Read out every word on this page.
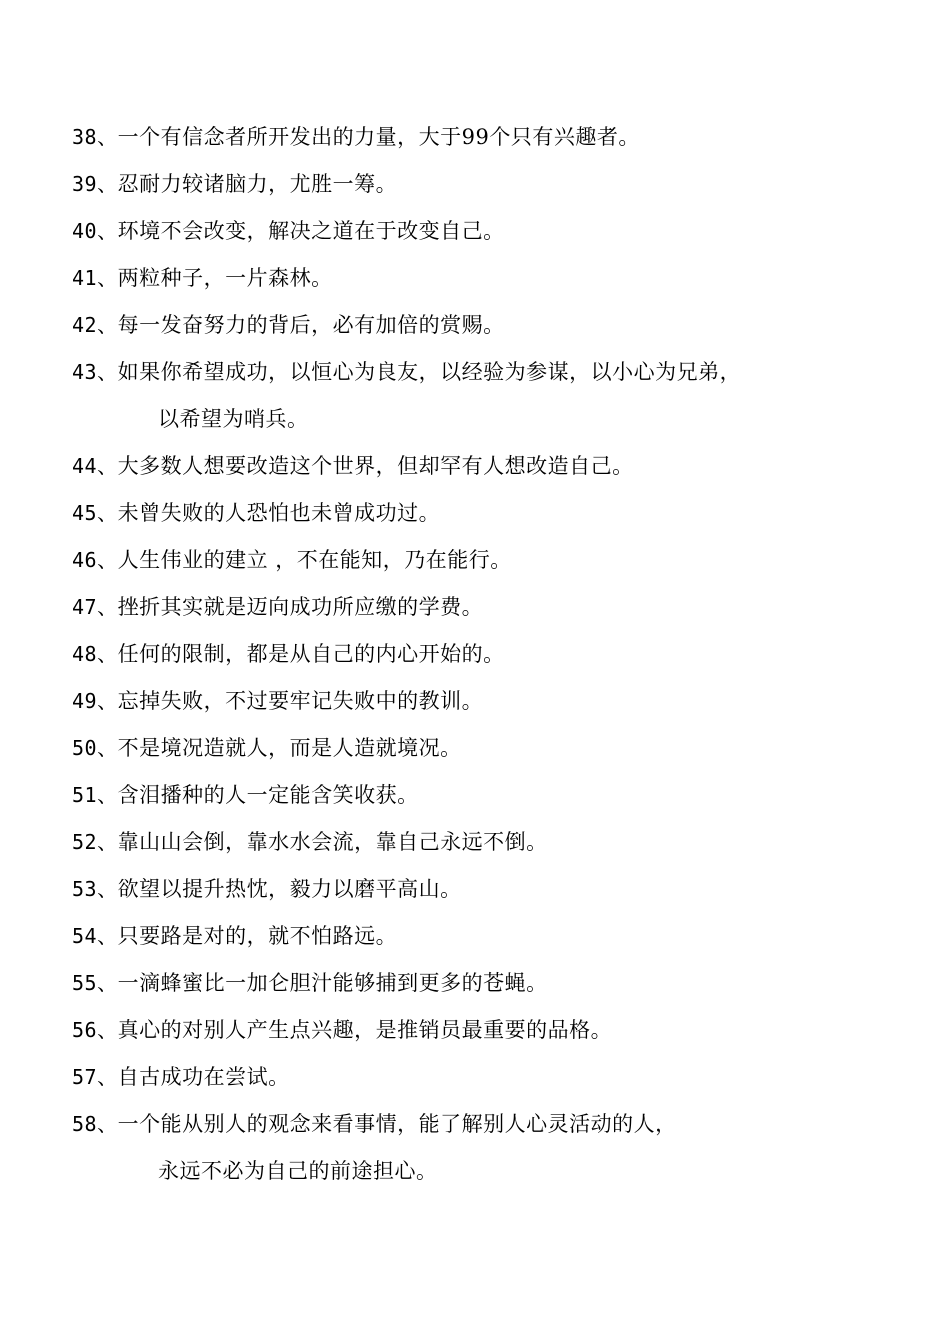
38、一个有信念者所开发出的力量，大于99个只有兴趣者。
39、忍耐力较诸脑力，尤胜一筹。
40、环境不会改变，解决之道在于改变自己。
41、两粒种子，一片森林。
42、每一发奋努力的背后，必有加倍的赏赐。
43、如果你希望成功，以恒心为良友，以经验为参谋，以小心为兄弟，
以希望为哨兵。
44、大多数人想要改造这个世界，但却罕有人想改造自己。
45、未曾失败的人恐怕也未曾成功过。
46、人生伟业的建立 ，不在能知，乃在能行。
47、挫折其实就是迈向成功所应缴的学费。
48、任何的限制，都是从自己的内心开始的。
49、忘掉失败，不过要牢记失败中的教训。
50、不是境况造就人，而是人造就境况。
51、含泪播种的人一定能含笑收获。
52、靠山山会倒，靠水水会流，靠自己永远不倒。
53、欲望以提升热忱，毅力以磨平高山。
54、只要路是对的，就不怕路远。
55、一滴蜂蜜比一加仑胆汁能够捕到更多的苍蝇。
56、真心的对别人产生点兴趣，是推销员最重要的品格。
57、自古成功在尝试。
58、一个能从别人的观念来看事情，能了解别人心灵活动的人，
永远不必为自己的前途担心。
